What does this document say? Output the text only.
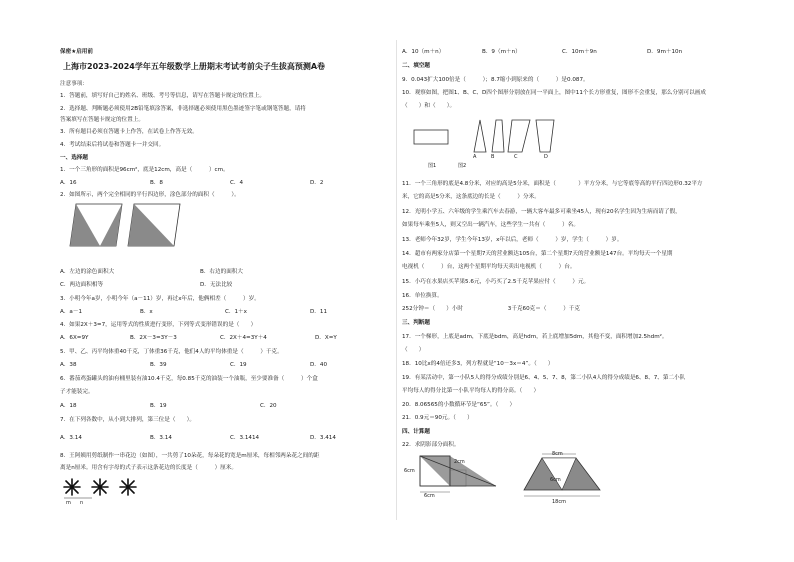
保密★启用前
上海市2023-2024学年五年级数学上册期末考试考前尖子生拔高预测A卷
注意事项：
1．答题前，填写好自己的姓名、班级、考号等信息，请写在答题卡规定的位置上。
2．选择题、判断题必须使用2B铅笔填涂答案，非选择题必须使用黑色墨迹签字笔或钢笔答题，请将
答案填写在答题卡规定的位置上。
3．所有题目必须在答题卡上作答，在试卷上作答无效。
4．考试结束后将试卷和答题卡一并交回。
一、选择题
1．一个三角形的面积是96cm²，底是12cm，高是（　　　）cm。
A．16	B．8	C．4	D．2
2．如图所示，两个完全相同的平行四边形，涂色部分的面积（　　　）。
A．左边的涂色面积大	B．右边的面积大
C．两边面积相等	D．无法比较
3．小明今年a岁，小明今年（a－11）岁，再过x年后，他俩相差（　　　）岁。
A．a－1	B．x	C．1＋x	D．11
4．如果2X＋3=7，运用等式的性质进行变形，下列等式变形错误的是（　　）
A．6X=9Y	B．2X－3=3Y－3	C．2X＋4=3Y＋4	D．X=Y
5．甲、乙、丙平均体重40千克，丁体重36千克，他们4人的平均体重是（　　　）千克。
A．38	B．39	C．19	D．40
6．番茄鸡蛋罐头的油有桶里装有油10.4千克，每0.85千克的油装一个油瓶，至少要准备（　　　）个盒
子才能装完。
A．18	B．19	C．20
7．在下列各数中，从小到大排列，第三位是（　　）。
A．3.14	B．3.14	C．3.1414	D．3.414
8．王阿姨用剪纸制作一串花边（如图），一共剪了10朵花，每朵花的宽是m厘米，每相邻两朵花之间的距
离是n厘米。用含有字母的式子表示这条花边的长度是（　　　）厘米。
m n
A．10（m＋n）	B．9（m＋n）	C．10m＋9n	D．9m＋10n
二、填空题
9．0.043扩大100倍是（　　　）；8.7缩小到原来的（　　　）是0.087。
10．观察如图，把图1、B、C、D四个图形分别放在同一平面上，图中11个长方形重复，图形不会重复，那么分别可以画成
（　　）和（　　）。
A	B	C	D
图1	图2
11．一个三角形的底是4.8分米，对应的高是5分米，面积是（　　　　）平方分米，与它等底等高的平行四边形0.32平方
米，它的高是5分米，这条底边的长是（　　　）分米。
12．光明小学五、六年级的学生乘汽车去春游，一辆大客车最多可乘坐45人，现有20名学生因为生病而请了假，
如果每车乘坐5人，则又空出一辆汽车，这些学生一共有（　　　）名。
13．老师今年32岁，学生今年13岁，x年以后，老师（　　　）岁，学生（　　　）岁。
14．超市有两家分店第一个星期7天的营业额达105台，第二个星期7天的营业额是147台。平均每天一个星期
电视机（　　　）台，这两个星期平均每天卖出电视机（　　　）台。
15．小巧在水果店买苹果5.6元，小巧买了2.5千克苹果应付（　　　）元。
16．单位换算。
252分钟＝（　　）小时　　　　　　　　3千克60克＝（　　　）千克
三、判断题
17．一个梯形，上底是adm，下底是bdm，高是hdm，若上底增加5dm，其他不变，面积增加2.5hdm²。
（　　）
18．10比x的4倍还多3，列方程就是“10－3x＝4”。（　　）
19．有某活动中，第一小队5人的得分成绩分别是6、4、5、7、8，第二小队4人的得分成绩是6、8、7、第二小队
平均每人的得分比第一小队平均每人的得分高。（　　）
20．8.06565的小数循环节是“65”。（　　）
21．0.9元＝90元。（　　）
四、计算题
22．求阴影部分面积。
6cm
2cm
6cm
8cm
6cm
18cm
